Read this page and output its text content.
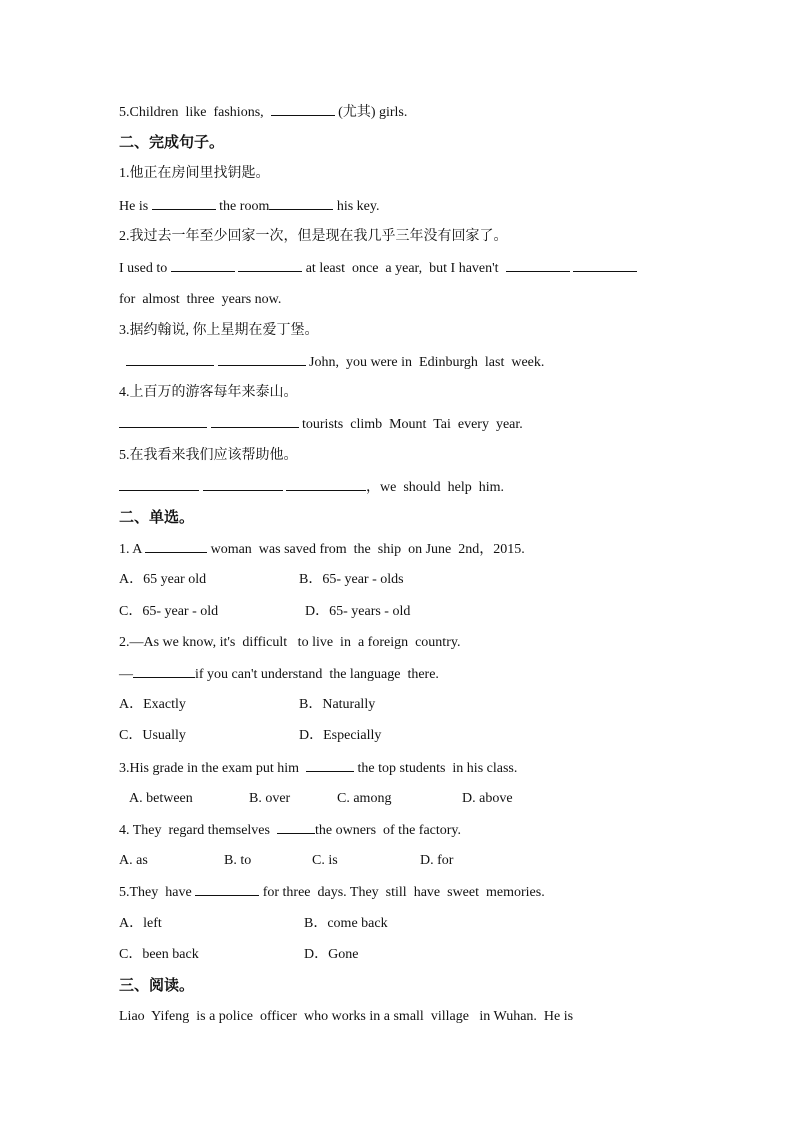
5.Children  like  fashions,	(尤其) girls.
二、完成句子。
1.他正在房间里找钥匙。
He is	the room	his key.
2.我过去一年至少回家一次，但是现在我几乎三年没有回家了。
I used to	at least  once  a year,  but I haven't
for  almost  three  years now.
3.据约翰说, 你上星期在爱丁堡。
John,  you were in  Edinburgh  last  week.
4.上百万的游客每年来泰山。
tourists  climb  Mount  Tai  every  year.
5.在我看来我们应该帮助他。
，we  should  help  him.
二、单选。
1. A	woman  was saved from  the  ship  on June  2nd，2015.
A．65 year old	B．65- year - olds
C．65- year - old	D．65- years - old
2.—As we know, it's  difficult   to live  in  a foreign  country.
—	if you can't understand  the language  there.
A．Exactly	B．Naturally
C．Usually	D．Especially
3.His grade in the exam put him	the top students  in his class.
A. between	B. over	C. among	D. above
4. They  regard themselves	the owners  of the factory.
A. as	B. to	C. is	D. for
5.They  have	for three  days. They  still  have  sweet  memories.
A．left	B．come back
C．been back	D．Gone
三、阅读。
Liao  Yifeng  is a police  officer  who works in a small  village   in Wuhan.  He is
